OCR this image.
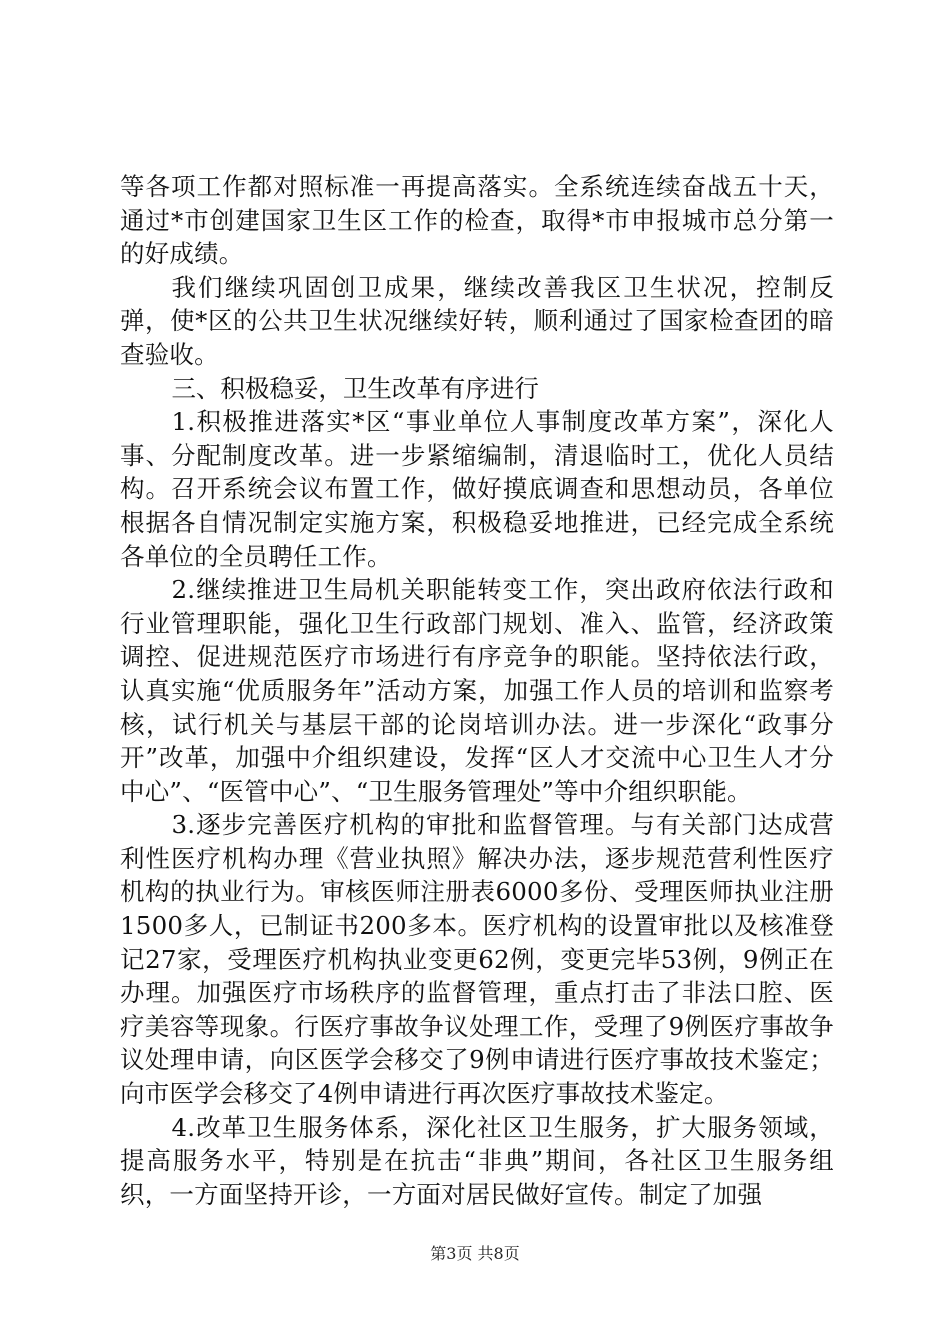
等各项工作都对照标准一再提高落实。全系统连续奋战五十天，通过*市创建国家卫生区工作的检查，取得*市申报城市总分第一的好成绩。

我们继续巩固创卫成果，继续改善我区卫生状况，控制反弹，使*区的公共卫生状况继续好转，顺利通过了国家检查团的暗查验收。

三、积极稳妥，卫生改革有序进行

1.积极推进落实*区“事业单位人事制度改革方案”，深化人事、分配制度改革。进一步紧缩编制，清退临时工，优化人员结构。召开系统会议布置工作，做好摸底调查和思想动员，各单位根据各自情况制定实施方案，积极稳妥地推进，已经完成全系统各单位的全员聘任工作。

2.继续推进卫生局机关职能转变工作，突出政府依法行政和行业管理职能，强化卫生行政部门规划、准入、监管，经济政策调控、促进规范医疗市场进行有序竞争的职能。坚持依法行政，认真实施“优质服务年”活动方案，加强工作人员的培训和监察考核，试行机关与基层干部的论岗培训办法。进一步深化“政事分开”改革，加强中介组织建设，发挥“区人才交流中心卫生人才分中心”、“医管中心”、“卫生服务管理处”等中介组织职能。

3.逐步完善医疗机构的审批和监督管理。与有关部门达成营利性医疗机构办理《营业执照》解决办法，逐步规范营利性医疗机构的执业行为。审核医师注册表6000多份、受理医师执业注册1500多人，已制证书200多本。医疗机构的设置审批以及核准登记27家，受理医疗机构执业变更62例，变更完毕53例，9例正在办理。加强医疗市场秩序的监督管理，重点打击了非法口腔、医疗美容等现象。行医疗事故争议处理工作，受理了9例医疗事故争议处理申请，向区医学会移交了9例申请进行医疗事故技术鉴定；向市医学会移交了4例申请进行再次医疗事故技术鉴定。

4.改革卫生服务体系，深化社区卫生服务，扩大服务领域，提高服务水平，特别是在抗击“非典”期间，各社区卫生服务组织，一方面坚持开诊，一方面对居民做好宣传。制定了加强

第3页 共8页
